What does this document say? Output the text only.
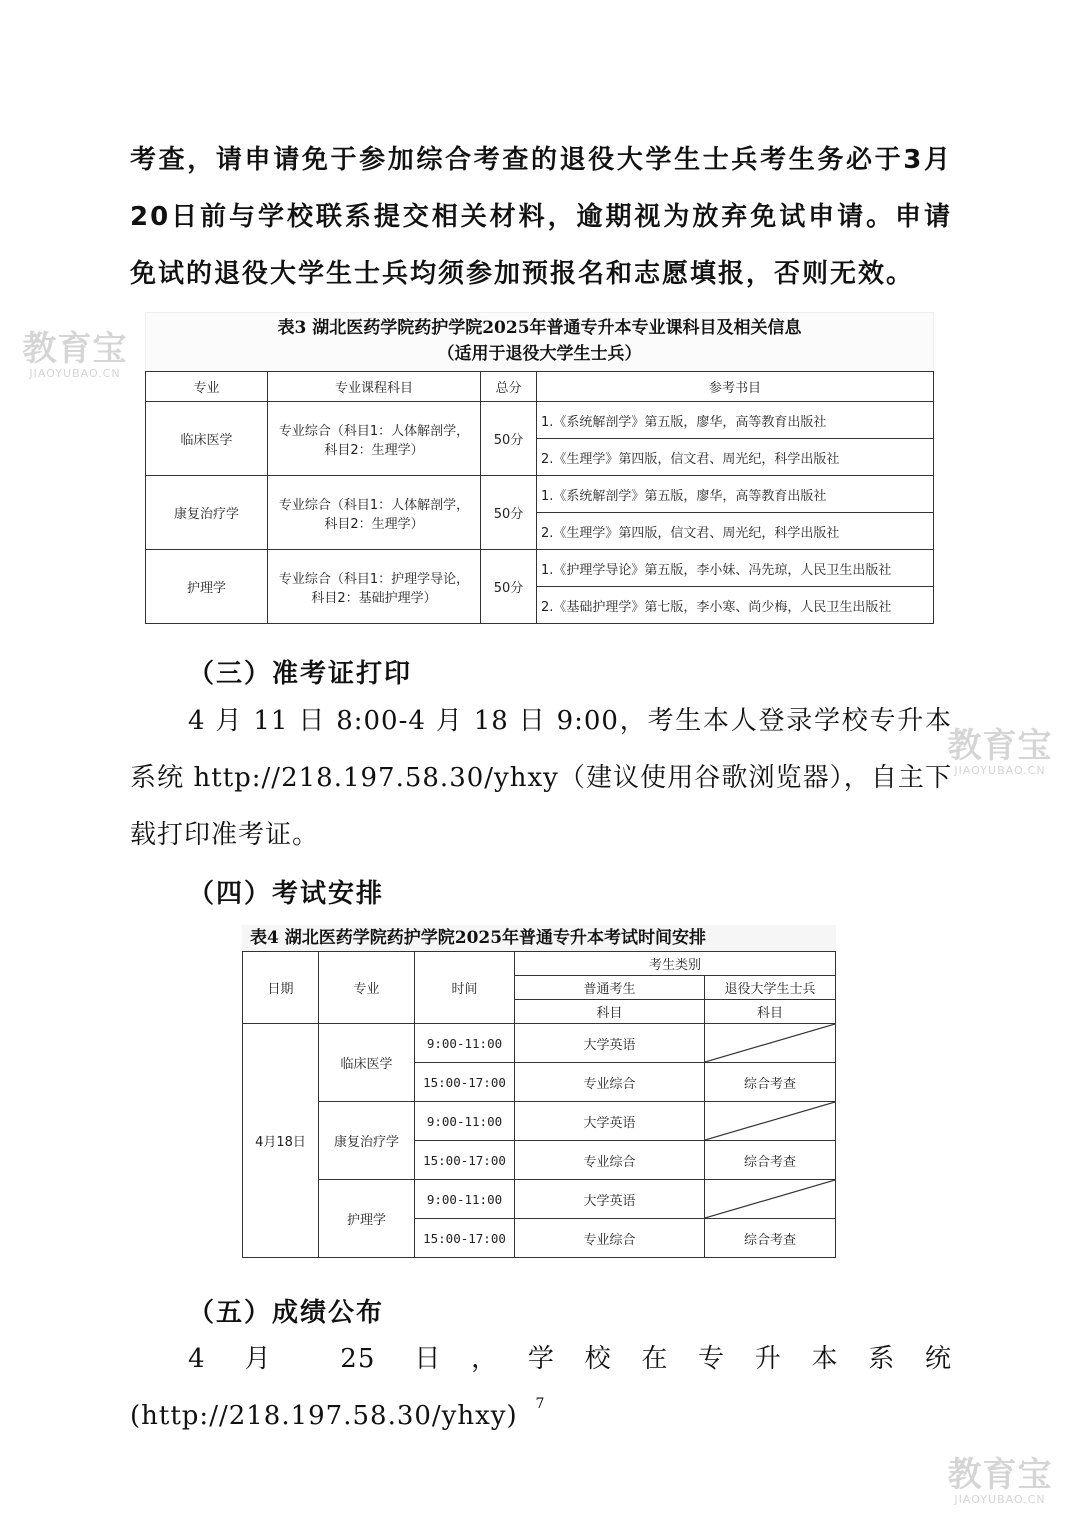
教育宝
JIAOYUBAO.CN
教育宝
JIAOYUBAO.CN
教育宝
JIAOYUBAO.CN

考查，请申请免于参加综合考查的退役大学生士兵考生务必于3月20日前与学校联系提交相关材料，逾期视为放弃免试申请。申请免试的退役大学生士兵均须参加预报名和志愿填报，否则无效。

表3 湖北医药学院药护学院2025年普通专升本专业课科目及相关信息
（适用于退役大学生士兵）
专业	专业课程科目	总分	参考书目
临床医学	专业综合（科目1：人体解剖学，
科目2：生理学）	50分	1.《系统解剖学》第五版，廖华，高等教育出版社
			2.《生理学》第四版，信文君、周光纪，科学出版社
康复治疗学	专业综合（科目1：人体解剖学，
科目2：生理学）	50分	1.《系统解剖学》第五版，廖华，高等教育出版社
			2.《生理学》第四版，信文君、周光纪，科学出版社
护理学	专业综合（科目1：护理学导论，
科目2：基础护理学）	50分	1.《护理学导论》第五版，李小妹、冯先琼，人民卫生出版社
			2.《基础护理学》第七版，李小寒、尚少梅，人民卫生出版社

（三）准考证打印

4 月 11 日 8:00-4 月 18 日 9:00，考生本人登录学校专升本系统 http://218.197.58.30/yhxy（建议使用谷歌浏览器），自主下载打印准考证。

（四）考试安排

表4 湖北医药学院药护学院2025年普通专升本考试时间安排
日期	专业	时间	考生类别	
			普通考生	退役大学生士兵
			科目	科目
4月18日	临床医学	9:00-11:00	大学英语	

		15:00-17:00	专业综合	综合考查
	康复治疗学	9:00-11:00	大学英语	

		15:00-17:00	专业综合	综合考查
	护理学	9:00-11:00	大学英语	

		15:00-17:00	专业综合	综合考查

（五）成绩公布

4 月 25 日，学校在专升本系统(http://218.197.58.30/yhxy)	7
